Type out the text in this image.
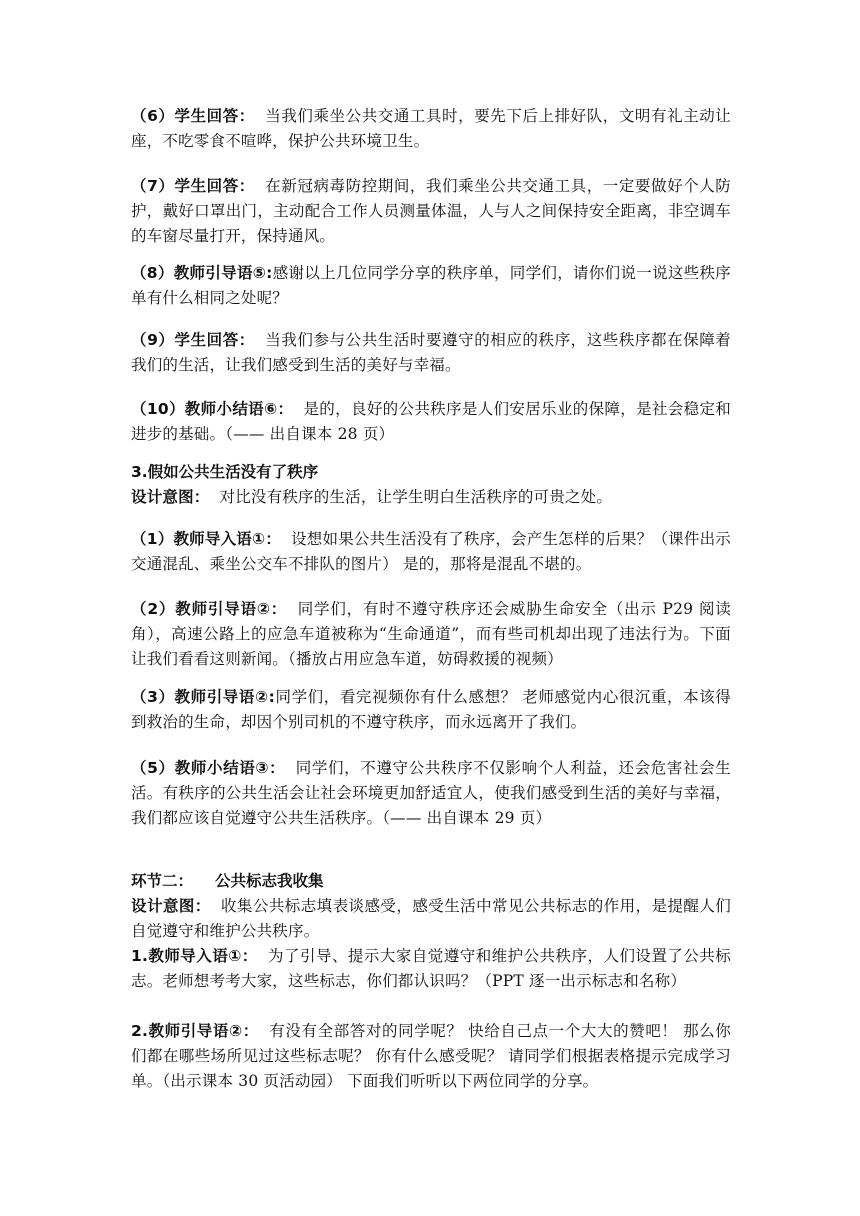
（6）学生回答： 当我们乘坐公共交通工具时，要先下后上排好队，文明有礼主动让座，不吃零食不喧哗，保护公共环境卫生。
（7）学生回答： 在新冠病毒防控期间，我们乘坐公共交通工具，一定要做好个人防护，戴好口罩出门，主动配合工作人员测量体温，人与人之间保持安全距离，非空调车的车窗尽量打开，保持通风。
（8）教师引导语⑤:感谢以上几位同学分享的秩序单，同学们，请你们说一说这些秩序单有什么相同之处呢？
（9）学生回答： 当我们参与公共生活时要遵守的相应的秩序，这些秩序都在保障着我们的生活，让我们感受到生活的美好与幸福。
（10）教师小结语⑥： 是的，良好的公共秩序是人们安居乐业的保障，是社会稳定和进步的基础。（—— 出自课本 28 页）
3.假如公共生活没有了秩序
设计意图： 对比没有秩序的生活，让学生明白生活秩序的可贵之处。
（1）教师导入语①： 设想如果公共生活没有了秩序，会产生怎样的后果？（课件出示交通混乱、乘坐公交车不排队的图片） 是的，那将是混乱不堪的。
（2）教师引导语②： 同学们，有时不遵守秩序还会威胁生命安全（出示 P29 阅读角），高速公路上的应急车道被称为“生命通道”，而有些司机却出现了违法行为。下面让我们看看这则新闻。（播放占用应急车道，妨碍救援的视频）
（3）教师引导语②:同学们，看完视频你有什么感想？ 老师感觉内心很沉重，本该得到救治的生命，却因个别司机的不遵守秩序，而永远离开了我们。
（5）教师小结语③： 同学们，不遵守公共秩序不仅影响个人利益，还会危害社会生活。有秩序的公共生活会让社会环境更加舒适宜人，使我们感受到生活的美好与幸福，我们都应该自觉遵守公共生活秩序。（—— 出自课本 29 页）
环节二： 公共标志我收集
设计意图： 收集公共标志填表谈感受，感受生活中常见公共标志的作用，是提醒人们自觉遵守和维护公共秩序。
1.教师导入语①： 为了引导、提示大家自觉遵守和维护公共秩序，人们设置了公共标志。老师想考考大家，这些标志，你们都认识吗？（PPT 逐一出示标志和名称）
2.教师引导语②： 有没有全部答对的同学呢？ 快给自己点一个大大的赞吧！ 那么你们都在哪些场所见过这些标志呢？ 你有什么感受呢？ 请同学们根据表格提示完成学习单。（出示课本 30 页活动园） 下面我们听听以下两位同学的分享。
